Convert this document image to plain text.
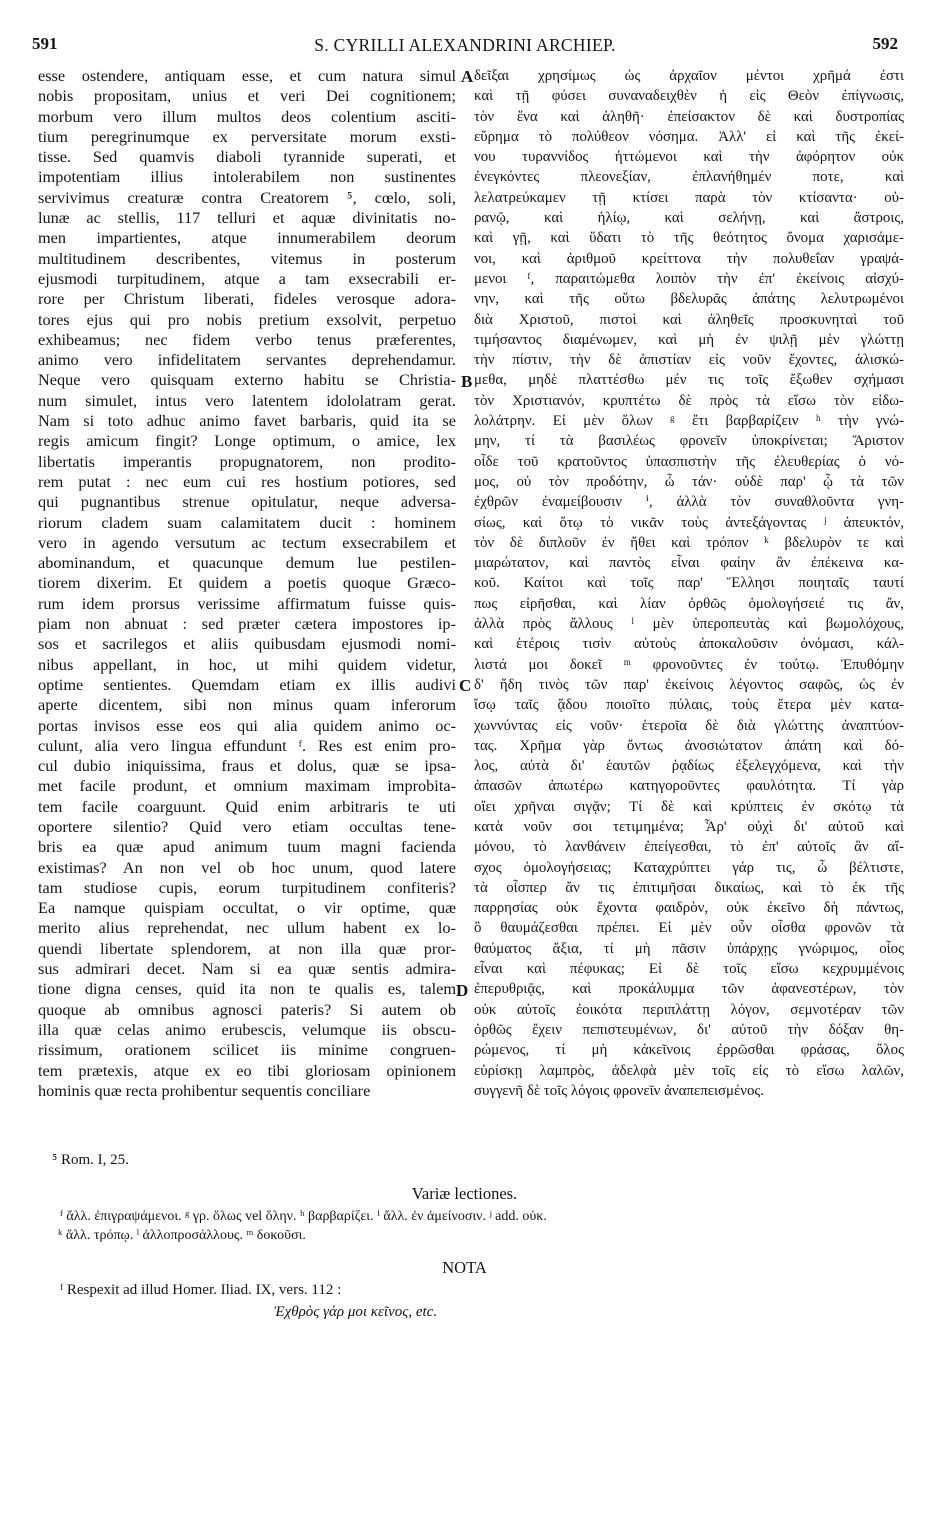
591	S. CYRILLI ALEXANDRINI ARCHIEP.	592
esse ostendere, antiquam esse, et cum natura simul
nobis propositam, unius et veri Dei cognitionem;
morbum vero illum multos deos colentium asciti-
tium peregrinumque ex perversitate morum exsti-
tisse. Sed quamvis diaboli tyrannide superati, et
impotentiam illius intolerabilem non sustinentes
servivimus creaturæ contra Creatorem ⁵, cœlo, soli,
lunæ ac stellis, 117 telluri et aquæ divinitatis no-
men impartientes, atque innumerabilem deorum
multitudinem describentes, vitemus in posterum
ejusmodi turpitudinem, atque a tam exsecrabili er-
rore per Christum liberati, fideles verosque adora-
tores ejus qui pro nobis pretium exsolvit, perpetuo
exhibeamus; nec fidem verbo tenus præferentes,
animo vero infidelitatem servantes deprehendamur.
Neque vero quisquam externo habitu se Christia-
num simulet, intus vero latentem idololatram gerat.
Nam si toto adhuc animo favet barbaris, quid ita se
regis amicum fingit? Longe optimum, o amice, lex
libertatis imperantis propugnatorem, non prodito-
rem putat : nec eum cui res hostium potiores, sed
qui pugnantibus strenue opitulatur, neque adversa-
riorum cladem suam calamitatem ducit : hominem
vero in agendo versutum ac tectum exsecrabilem et
abominandum, et quacunque demum lue pestilen-
tiorem dixerim. Et quidem a poetis quoque Græco-
rum idem prorsus verissime affirmatum fuisse quis-
piam non abnuat : sed præter cætera impostores ip-
sos et sacrilegos et aliis quibusdam ejusmodi nomi-
nibus appellant, in hoc, ut mihi quidem videtur,
optime sentientes. Quemdam etiam ex illis audivi
aperte dicentem, sibi non minus quam inferorum
portas invisos esse eos qui alia quidem animo oc-
culunt, alia vero lingua effundunt ᶠ. Res est enim pro-
cul dubio iniquissima, fraus et dolus, quæ se ipsa-
met facile produnt, et omnium maximam improbita-
tem facile coarguunt. Quid enim arbitraris te uti
oportere silentio? Quid vero etiam occultas tene-
bris ea quæ apud animum tuum magni facienda
existimas? An non vel ob hoc unum, quod latere
tam studiose cupis, eorum turpitudinem confiteris?
Ea namque quispiam occultat, o vir optime, quæ
merito alius reprehendat, nec ullum habent ex lo-
quendi libertate splendorem, at non illa quæ pror-
sus admirari decet. Nam si ea quæ sentis admira-
tione digna censes, quid ita non te qualis es, talem
quoque ab omnibus agnosci pateris? Si autem ob
illa quæ celas animo erubescis, velumque iis obscu-
rissimum, orationem scilicet iis minime congruen-
tem prætexis, atque ex eo tibi gloriosam opinionem
hominis quæ recta prohibentur sequentis conciliare
δεῖξαι χρησίμως ὡς ἀρχαῖον μέντοι χρῆμά ἐστι
καὶ τῇ φύσει συναναδειχθὲν ἡ εἰς Θεὸν ἐπίγνωσις,
τὸν ἕνα καὶ ἀληθῆ· ἐπείσακτον δὲ καὶ δυστροπίας
εὕρημα τὸ πολύθεον νόσημα. Ἀλλ' εἰ καὶ τῆς ἐκεί-
νου τυραννίδος ἡττώμενοι καὶ τὴν ἀφόρητον οὐκ
ἐνεγκόντες πλεονεξίαν, ἐπλανήθημέν ποτε, καὶ
λελατρεύκαμεν τῇ κτίσει παρὰ τὸν κτίσαντα· οὐ-
ρανῷ, καὶ ἡλίῳ, καὶ σελήνῃ, καὶ ἄστροις,
καὶ γῇ, καὶ ὕδατι τὸ τῆς θεότητος ὄνομα χαρισάμε-
νοι, καὶ ἀριθμοῦ κρείττονα τὴν πολυθεΐαν γραψά-
μενοι ᶠ, παραιτώμεθα λοιπὸν τὴν ἐπ' ἐκείνοις αἰσχύ-
νην, καὶ τῆς οὕτω βδελυρᾶς ἀπάτης λελυτρωμένοι
διὰ Χριστοῦ, πιστοὶ καὶ ἀληθεῖς προσκυνηταὶ τοῦ
τιμήσαντος διαμένωμεν, καὶ μὴ ἐν ψιλῇ μὲν γλώττῃ
τὴν πίστιν, τὴν δὲ ἀπιστίαν εἰς νοῦν ἔχοντες, ἁλισκώ-
μεθα, μηδὲ πλαττέσθω μέν τις τοῖς ἔξωθεν σχήμασι
τὸν Χριστιανόν, κρυπτέτω δὲ πρὸς τὰ εἴσω τὸν εἰδω-
λολάτρην. Εἰ μὲν ὅλων ᵍ ἔτι βαρβαρίζειν ʰ τὴν γνώ-
μην, τί τὰ βασιλέως φρονεῖν ὑποκρίνεται; Ἄριστον
οἶδε τοῦ κρατοῦντος ὑπασπιστὴν τῆς ἐλευθερίας ὁ νό-
μος, οὐ τὸν προδότην, ὦ τάν· οὐδὲ παρ' ᾧ τὰ τῶν
ἐχθρῶν ἐναμείβουσιν ⁱ, ἀλλὰ τὸν συναθλοῦντα γνη-
σίως, καὶ ὅτῳ τὸ νικᾶν τοὺς ἀντεξάγοντας ʲ ἀπευκτόν,
τὸν δὲ διπλοῦν ἐν ἤθει καὶ τρόπον ᵏ βδελυρὸν τε καὶ
μιαρώτατον, καὶ παντὸς εἶναι φαίην ἂν ἐπέκεινα κα-
κοῦ. Καίτοι καὶ τοῖς παρ' Ἕλλησι ποιηταῖς ταυτί
πως εἰρῆσθαι, καὶ λίαν ὀρθῶς ὁμολογήσειέ τις ἄν,
ἀλλὰ πρὸς ἄλλους ˡ μὲν ὑπεροπευτὰς καὶ βωμολόχους,
καὶ ἑτέροις τισὶν αὐτοὺς ἀποκαλοῦσιν ὀνόμασι, κάλ-
λιστά μοι δοκεῖ ᵐ φρονοῦντες ἐν τούτῳ. Ἐπυθόμην
δ' ἤδη τινὸς τῶν παρ' ἐκείνοις λέγοντος σαφῶς, ὡς ἐν
ἴσῳ ταῖς ᾅδου ποιοῖτο πύλαις, τοὺς ἕτερα μὲν κατα-
χωννύντας εἰς νοῦν· ἑτεροῖα δὲ διὰ γλώττης ἀναπτύον-
τας. Χρῆμα γὰρ ὄντως ἀνοσιώτατον ἀπάτη καὶ δό-
λος, αὐτὰ δι' ἑαυτῶν ῥᾳδίως ἐξελεγχόμενα, καὶ τὴν
ἁπασῶν ἀπωτέρω κατηγοροῦντες φαυλότητα. Τί γὰρ
οἴει χρῆναι σιγᾷν; Τί δὲ καὶ κρύπτεις ἐν σκότῳ τὰ
κατὰ νοῦν σοι τετιμημένα; Ἆρ' οὐχὶ δι' αὐτοῦ καὶ
μόνου, τὸ λανθάνειν ἐπείγεσθαι, τὸ ἐπ' αὐτοῖς ἂν αἴ-
σχος ὁμολογήσειας; Καταχρύπτει γάρ τις, ὦ βέλτιστε,
τὰ οἷσπερ ἄν τις ἐπιτιμῆσαι δικαίως, καὶ τὸ ἐκ τῆς
παρρησίας οὐκ ἔχοντα φαιδρὸν, οὐκ ἐκεῖνο δὴ πάντως,
ὃ θαυμάζεσθαι πρέπει. Εἰ μὲν οὖν οἶσθα φρονῶν τὰ
θαύματος ἄξια, τί μὴ πᾶσιν ὑπάρχῃς γνώριμος, οἷος
εἶναι καὶ πέφυκας; Εἰ δὲ τοῖς εἴσω κεχρυμμένοις
ἐπερυθριᾷς, καὶ προκάλυμμα τῶν ἀφανεστέρων, τὸν
οὐκ αὐτοῖς ἐοικότα περιπλάττῃ λόγον, σεμνοτέραν τῶν
ὀρθῶς ἔχειν πεπιστευμένων, δι' αὐτοῦ τὴν δόξαν θη-
ρώμενος, τί μὴ κἀκεῖνοις ἐρρῶσθαι φράσας, ὅλος
εὑρίσκῃ λαμπρὸς, ἀδελφὰ μὲν τοῖς εἰς τὸ εἴσω λαλῶν,
συγγενῆ δὲ τοῖς λόγοις φρονεῖν ἀναπεπεισμένος.
A
B
C
D
⁵ Rom. I, 25.
Variæ lectiones.
ᶠ ἄλλ. ἐπιγραψάμενοι. ᵍ γρ. ὅλως vel ὅλην. ʰ βαρβαρίζει. ⁱ ἄλλ. ἐν ἀμείνοσιν. ʲ add. οὐκ.
ᵏ ἄλλ. τρόπῳ. ˡ ἀλλοπροσάλλους. ᵐ δοκοῦσι.
NOTA
ᶠ Respexit ad illud Homer. Iliad. IX, vers. 112 :
Ἐχθρὸς γάρ μοι κεῖνος, etc.
